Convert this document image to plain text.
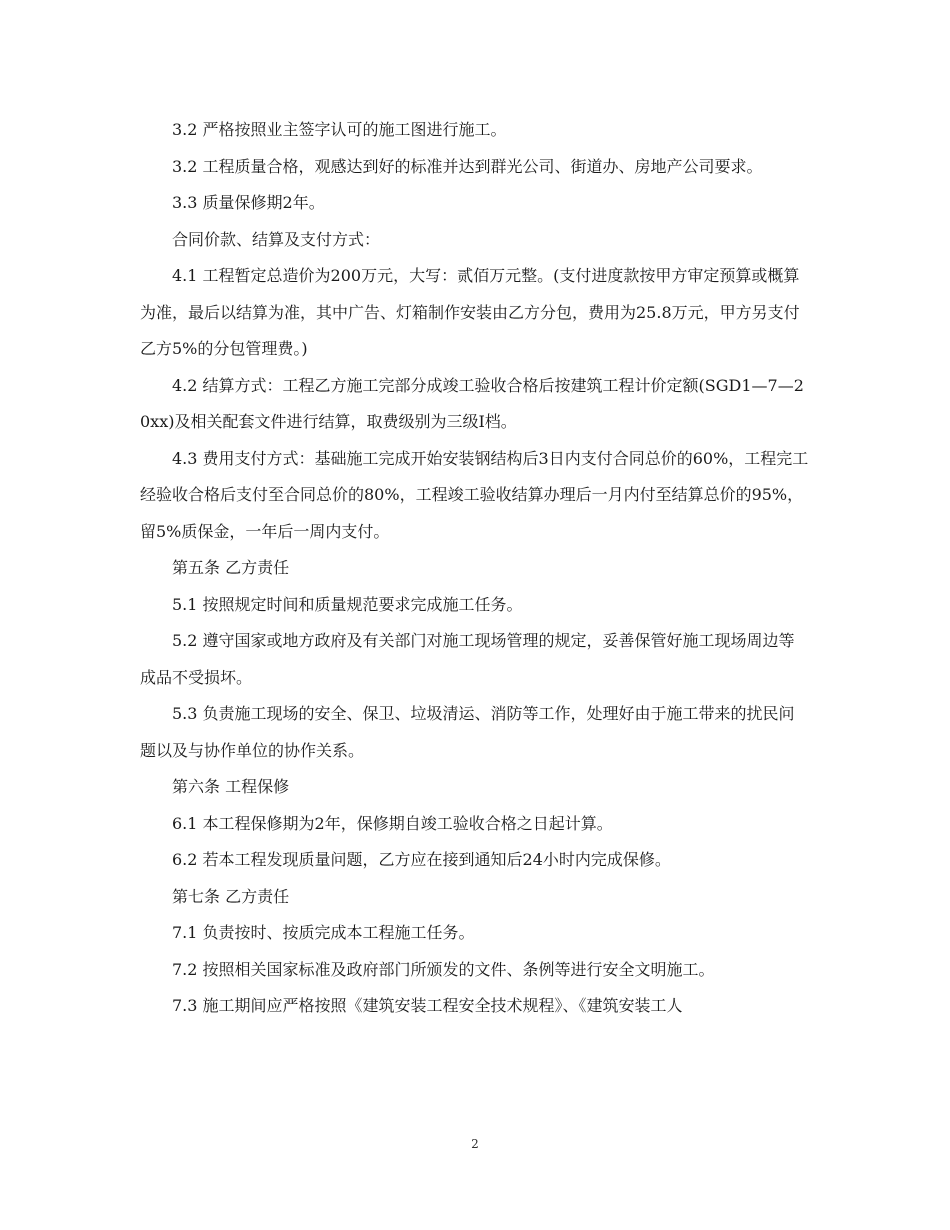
3.2 严格按照业主签字认可的施工图进行施工。

3.2 工程质量合格，观感达到好的标准并达到群光公司、街道办、房地产公司要求。

3.3 质量保修期2年。

合同价款、结算及支付方式：

4.1 工程暂定总造价为200万元，大写：贰佰万元整。(支付进度款按甲方审定预算或概算为准，最后以结算为准，其中广告、灯箱制作安装由乙方分包，费用为25.8万元，甲方另支付乙方5%的分包管理费。)

4.2 结算方式：工程乙方施工完部分成竣工验收合格后按建筑工程计价定额(SGD1—7—20xx)及相关配套文件进行结算，取费级别为三级I档。

4.3 费用支付方式：基础施工完成开始安装钢结构后3日内支付合同总价的60%，工程完工经验收合格后支付至合同总价的80%，工程竣工验收结算办理后一月内付至结算总价的95%，留5%质保金，一年后一周内支付。

第五条 乙方责任

5.1 按照规定时间和质量规范要求完成施工任务。

5.2 遵守国家或地方政府及有关部门对施工现场管理的规定，妥善保管好施工现场周边等成品不受损坏。

5.3 负责施工现场的安全、保卫、垃圾清运、消防等工作，处理好由于施工带来的扰民问题以及与协作单位的协作关系。

第六条 工程保修

6.1 本工程保修期为2年，保修期自竣工验收合格之日起计算。

6.2 若本工程发现质量问题，乙方应在接到通知后24小时内完成保修。

第七条 乙方责任

7.1 负责按时、按质完成本工程施工任务。

7.2 按照相关国家标准及政府部门所颁发的文件、条例等进行安全文明施工。

7.3 施工期间应严格按照《建筑安装工程安全技术规程》、《建筑安装工人

2
